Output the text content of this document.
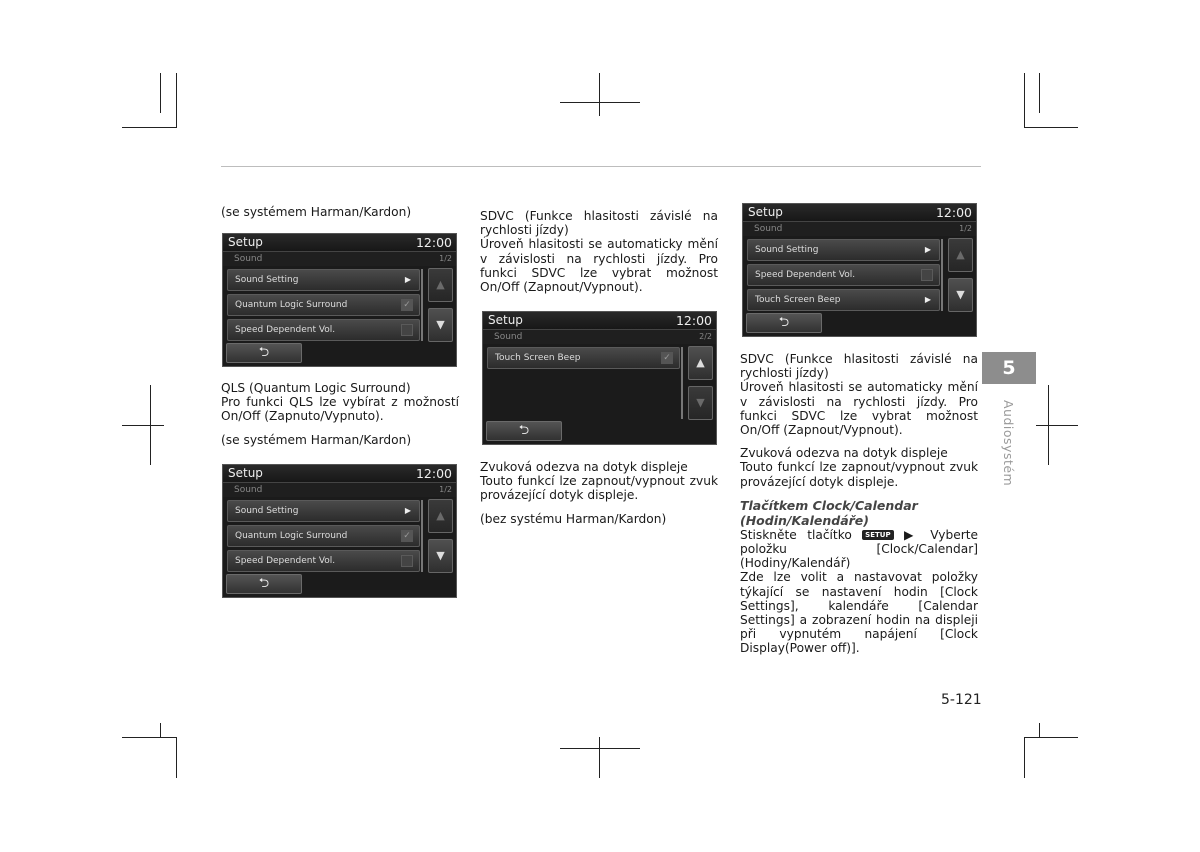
(se systémem Harman/Kardon)

Setup	12:00
Sound	1/2
Sound Setting	▶
Quantum Logic Surround	✓
Speed Dependent Vol.
▲
▼
⮌

QLS (Quantum Logic Surround)

Pro funkci QLS lze vybírat z možností On/Off (Zapnuto/Vypnuto).

(se systémem Harman/Kardon)

Setup	12:00
Sound	1/2
Sound Setting	▶
Quantum Logic Surround	✓
Speed Dependent Vol.
▲
▼
⮌

SDVC (Funkce hlasitosti závislé na rychlosti jízdy)

Úroveň hlasitosti se automaticky mění v závislosti na rychlosti jízdy. Pro funkci SDVC lze vybrat možnost On/Off (Zapnout/Vypnout).

Setup	12:00
Sound	2/2
Touch Screen Beep	✓	▲
▼
⮌

Zvuková odezva na dotyk displeje

Touto funkcí lze zapnout/vypnout zvuk provázející dotyk displeje.

(bez systému Harman/Kardon)

Setup	12:00
Sound	1/2
Sound Setting	▶
Speed Dependent Vol.
Touch Screen Beep	▶
▲
▼
⮌

SDVC (Funkce hlasitosti závislé na rychlosti jízdy)

Úroveň hlasitosti se automaticky mění v závislosti na rychlosti jízdy. Pro funkci SDVC lze vybrat možnost On/Off (Zapnout/Vypnout).

Zvuková odezva na dotyk displeje

Touto funkcí lze zapnout/vypnout zvuk provázející dotyk displeje.

Tlačítkem Clock/Calendar (Hodin/Kalendáře)

Stiskněte tlačítko SETUP ▶ Vyberte položku [Clock/Calendar] (Hodiny/Kalendář)

Zde lze volit a nastavovat položky týkající se nastavení hodin [Clock Settings], kalendáře [Calendar Settings] a zobrazení hodin na displeji při vypnutém napájení [Clock Display(Power off)].

5
Audiosystém
5-121
